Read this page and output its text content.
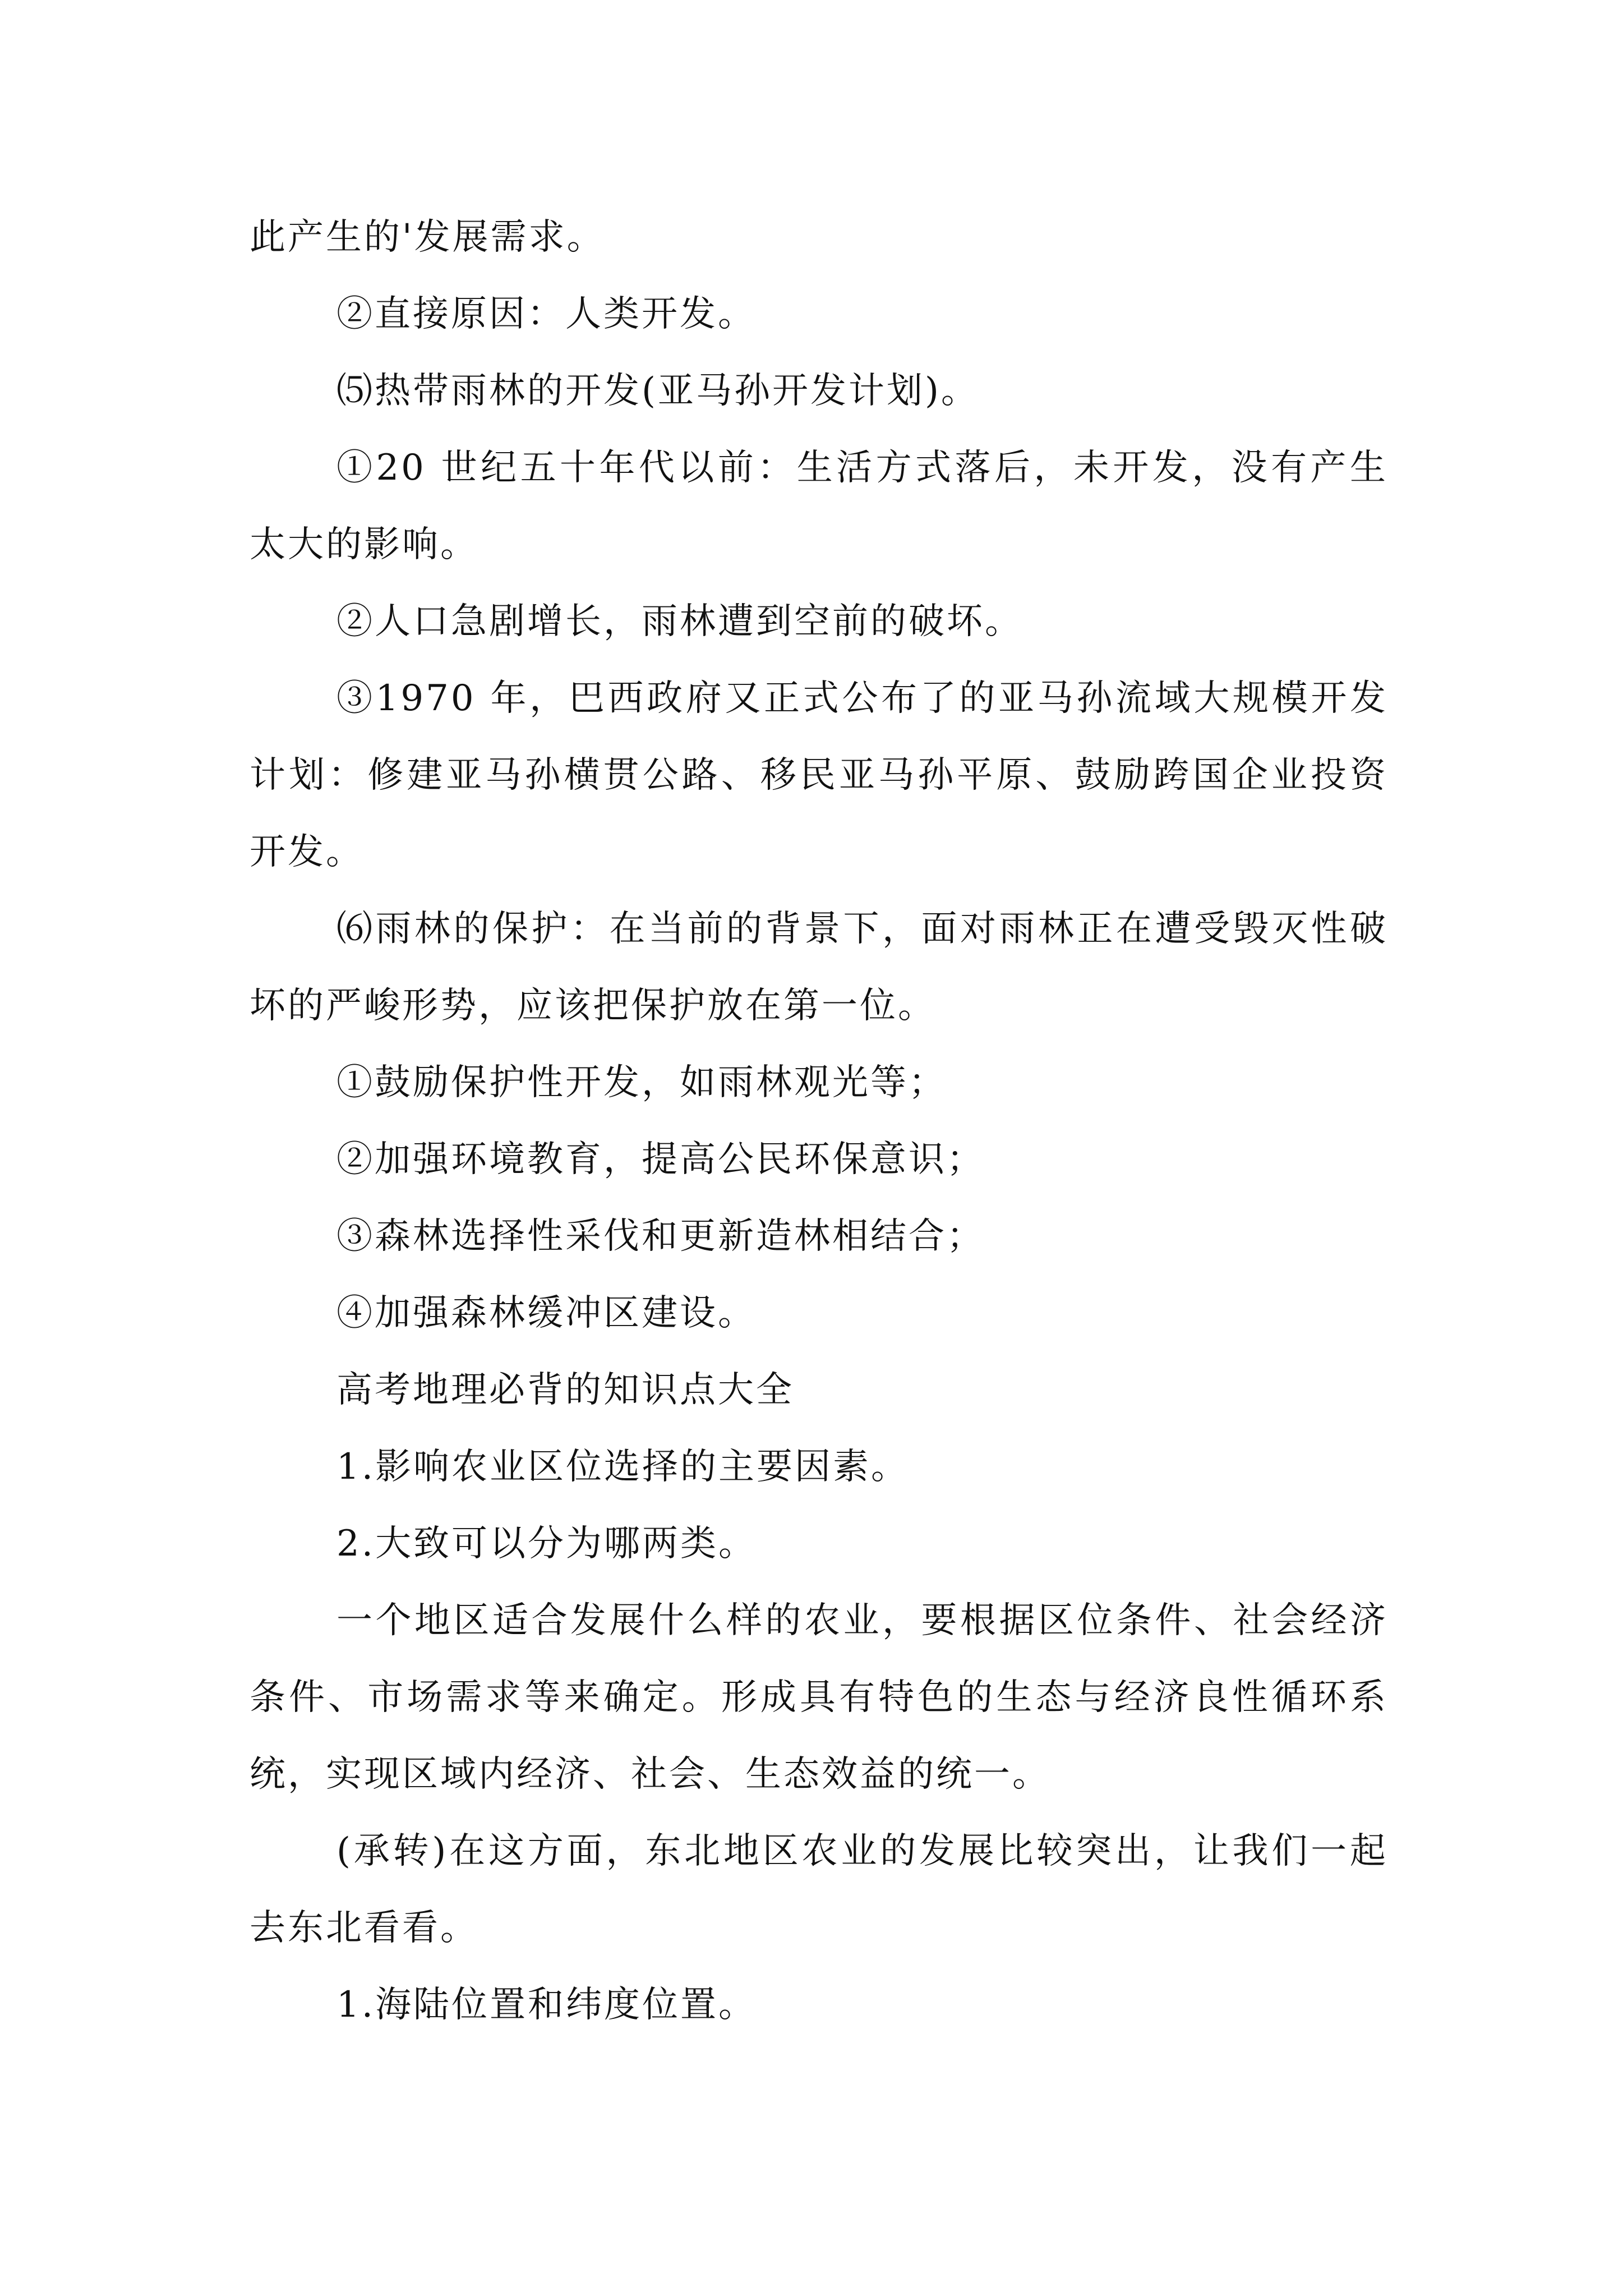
此产生的'发展需求。

②直接原因：人类开发。

⑸热带雨林的开发(亚马孙开发计划)。

①20 世纪五十年代以前：生活方式落后，未开发，没有产生太大的影响。

②人口急剧增长，雨林遭到空前的破坏。

③1970 年，巴西政府又正式公布了的亚马孙流域大规模开发计划：修建亚马孙横贯公路、移民亚马孙平原、鼓励跨国企业投资开发。

⑹雨林的保护：在当前的背景下，面对雨林正在遭受毁灭性破坏的严峻形势，应该把保护放在第一位。

①鼓励保护性开发，如雨林观光等；

②加强环境教育，提高公民环保意识；

③森林选择性采伐和更新造林相结合；

④加强森林缓冲区建设。

高考地理必背的知识点大全

1.影响农业区位选择的主要因素。

2.大致可以分为哪两类。

一个地区适合发展什么样的农业，要根据区位条件、社会经济条件、市场需求等来确定。形成具有特色的生态与经济良性循环系统，实现区域内经济、社会、生态效益的统一。

(承转)在这方面，东北地区农业的发展比较突出，让我们一起去东北看看。

1.海陆位置和纬度位置。
